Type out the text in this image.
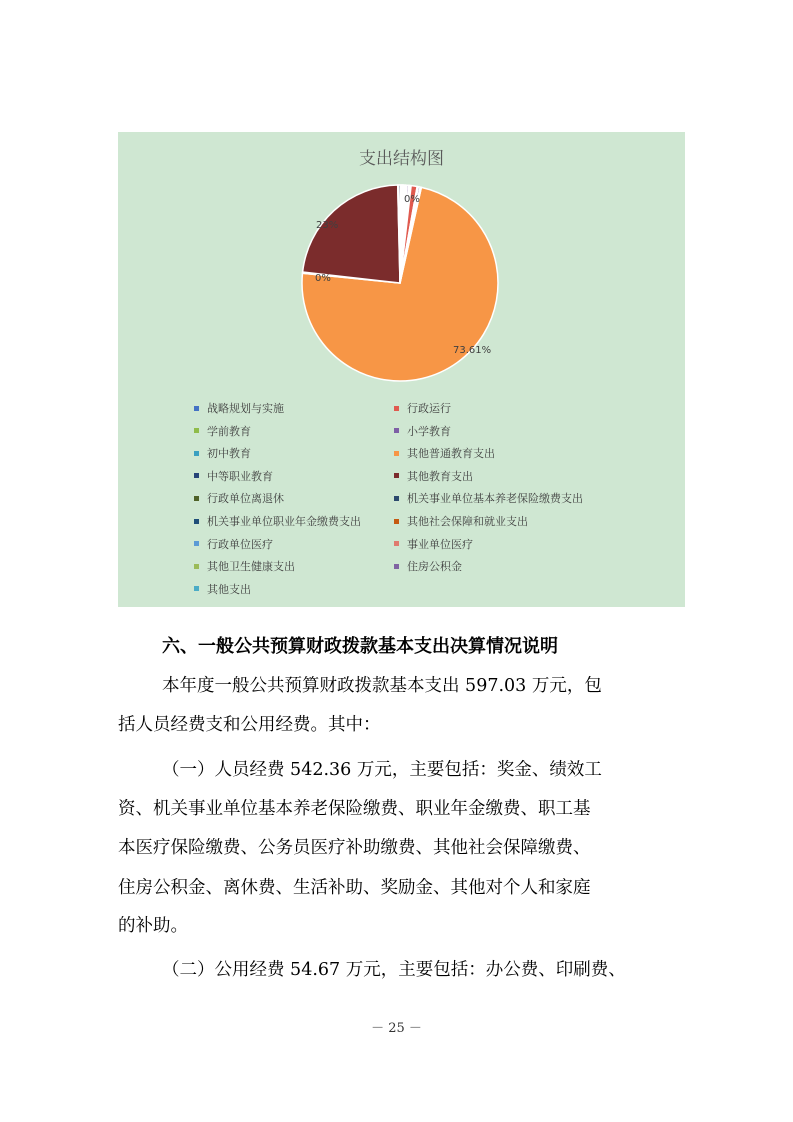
支出结构图
73.61%
23%
0%
0%
战略规划与实施	行政运行
学前教育	小学教育
初中教育	其他普通教育支出
中等职业教育	其他教育支出
行政单位离退休	机关事业单位基本养老保险缴费支出
机关事业单位职业年金缴费支出	其他社会保障和就业支出
行政单位医疗	事业单位医疗
其他卫生健康支出	住房公积金
其他支出
六、一般公共预算财政拨款基本支出决算情况说明
本年度一般公共预算财政拨款基本支出 597.03 万元，包
括人员经费支和公用经费。其中：
（一）人员经费 542.36 万元，主要包括：奖金、绩效工
资、机关事业单位基本养老保险缴费、职业年金缴费、职工基
本医疗保险缴费、公务员医疗补助缴费、其他社会保障缴费、
住房公积金、离休费、生活补助、奖励金、其他对个人和家庭
的补助。
（二）公用经费 54.67 万元，主要包括：办公费、印刷费、
－ 25 －
